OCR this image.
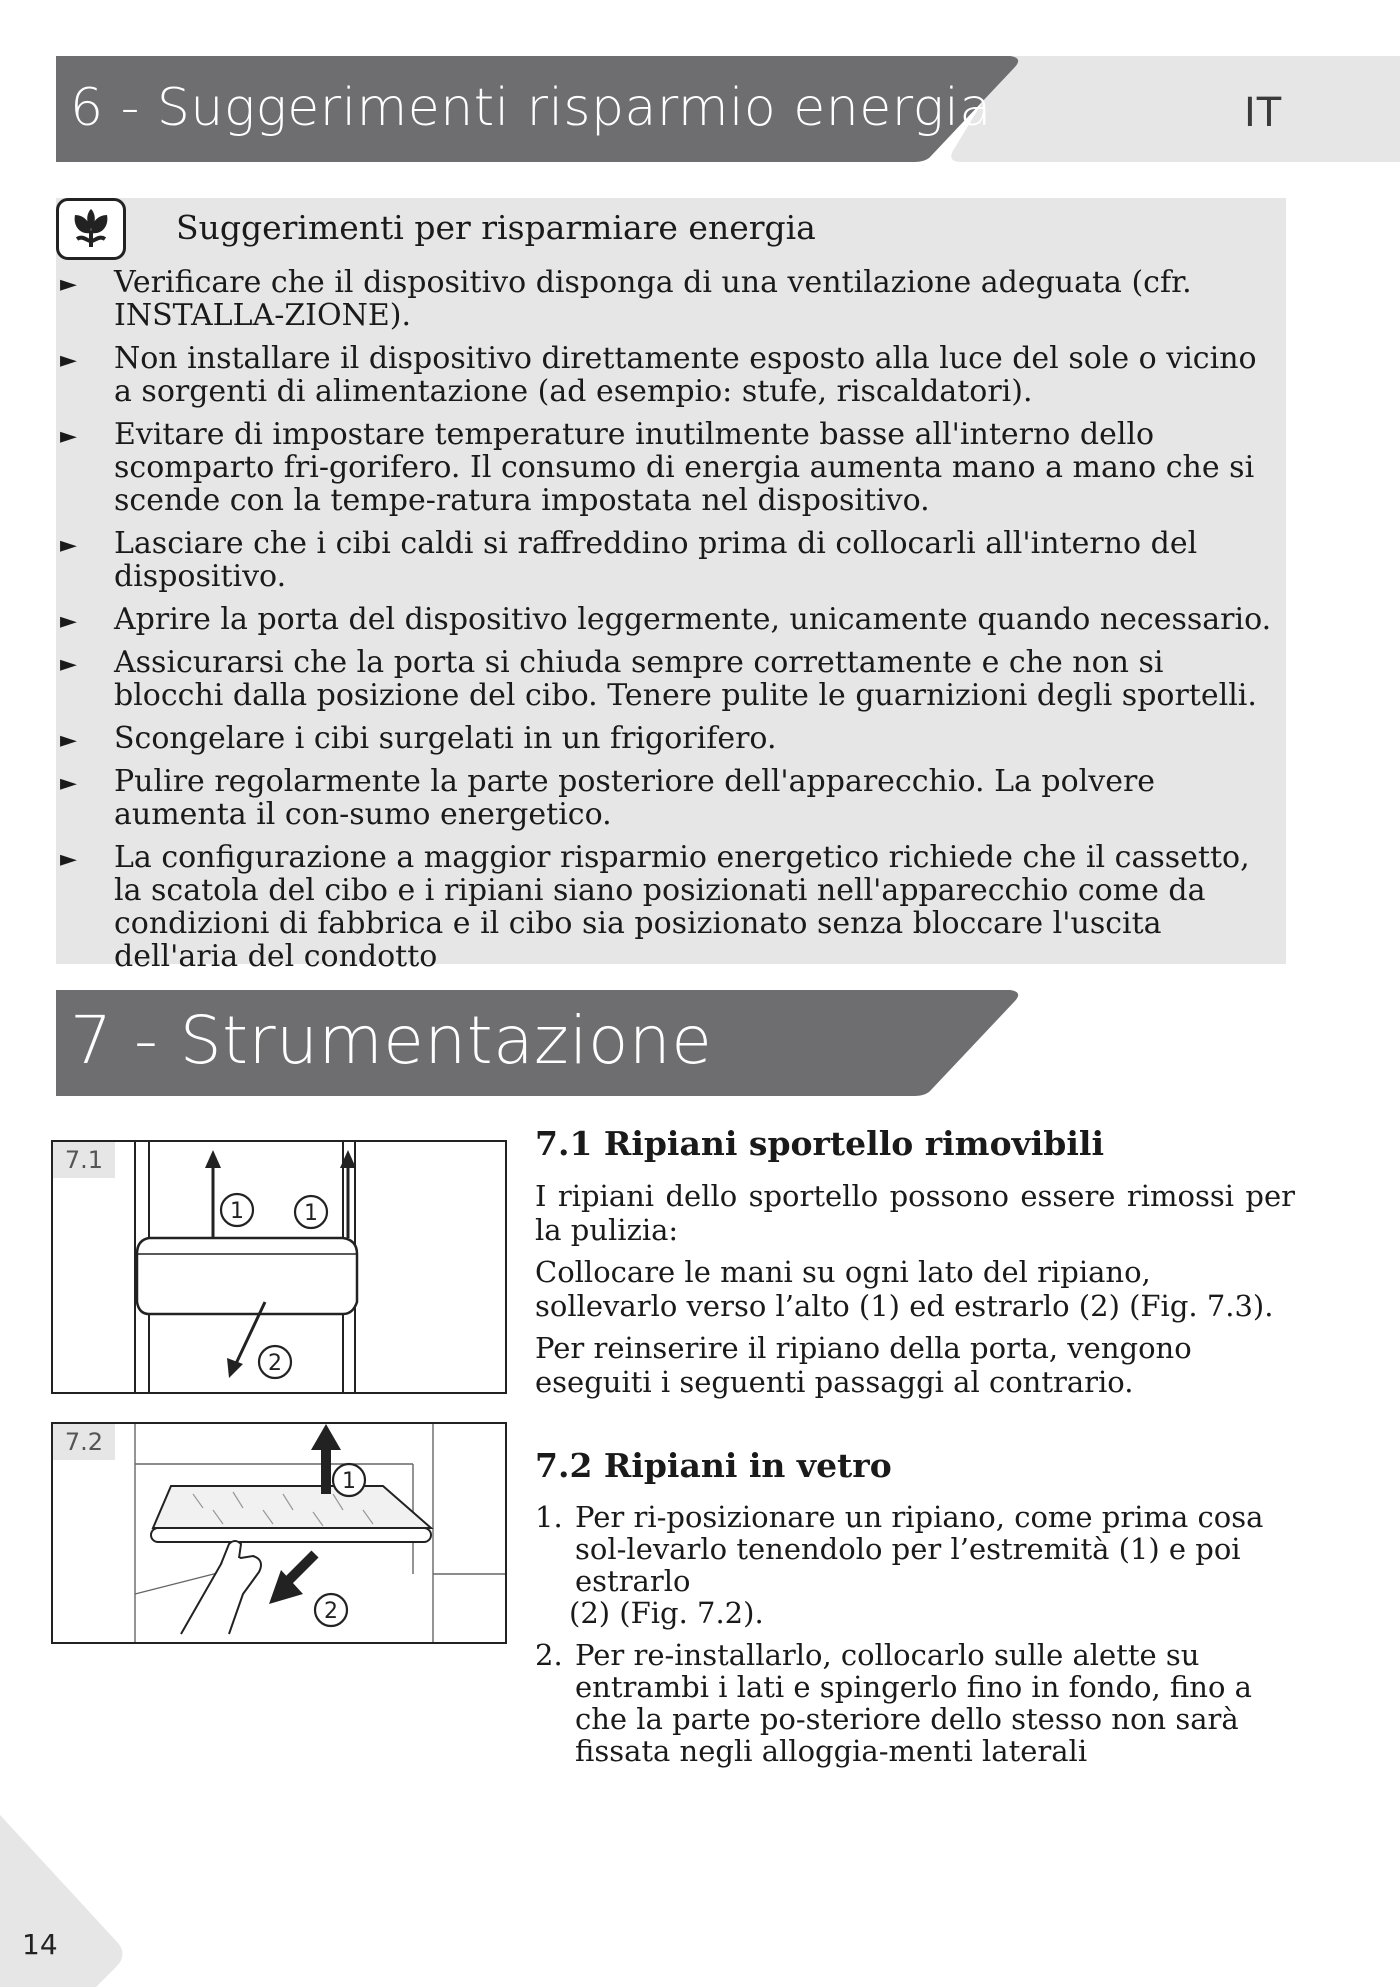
IT
6 - Suggerimenti risparmio energia
Suggerimenti per risparmiare energia
► Verificare che il dispositivo disponga di una ventilazione adeguata (cfr. INSTALLA-ZIONE).
► Non installare il dispositivo direttamente esposto alla luce del sole o vicino a sorgenti di alimentazione (ad esempio: stufe, riscaldatori).
► Evitare di impostare temperature inutilmente basse all'interno dello scomparto fri-gorifero. Il consumo di energia aumenta mano a mano che si scende con la tempe-ratura impostata nel dispositivo.
► Lasciare che i cibi caldi si raffreddino prima di collocarli all'interno del dispositivo.
► Aprire la porta del dispositivo leggermente, unicamente quando necessario.
► Assicurarsi che la porta si chiuda sempre correttamente e che non si blocchi dalla posizione del cibo. Tenere pulite le guarnizioni degli sportelli.
► Scongelare i cibi surgelati in un frigorifero.
► Pulire regolarmente la parte posteriore dell'apparecchio. La polvere aumenta il con-sumo energetico.
► La configurazione a maggior risparmio energetico richiede che il cassetto, la scatola del cibo e i ripiani siano posizionati nell'apparecchio come da condizioni di fabbrica e il cibo sia posizionato senza bloccare l'uscita dell'aria del condotto
7 - Strumentazione
1	1
2
7.1
1
2
7.2
7.1 Ripiani sportello rimovibili

I ripiani dello sportello possono essere rimossi per la pulizia:

Collocare le mani su ogni lato del ripiano, sollevarlo verso l’alto (1) ed estrarlo (2) (Fig. 7.3).

Per reinserire il ripiano della porta, vengono eseguiti i seguenti passaggi al contrario.

7.2 Ripiani in vetro
1. Per ri-posizionare un ripiano, come prima cosa sol-levarlo tenendolo per l’estremità (1) e poi estrarlo
(2) (Fig. 7.2).
2. Per re-installarlo, collocarlo sulle alette su entrambi i lati e spingerlo fino in fondo, fino a che la parte po-steriore dello stesso non sarà fissata negli alloggia-menti laterali
14
